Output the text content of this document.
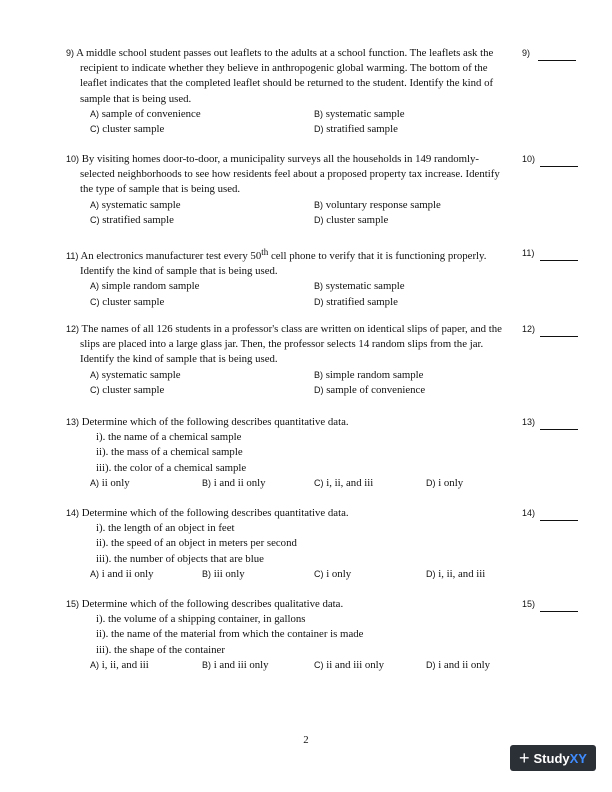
9) A middle school student passes out leaflets to the adults at a school function. The leaflets ask the recipient to indicate whether they believe in anthropogenic global warming. The bottom of the leaflet indicates that the completed leaflet should be returned to the student. Identify the kind of sample that is being used.

A) sample of convenience	B) systematic sample
C) cluster sample	D) stratified sample
9)

10) By visiting homes door-to-door, a municipality surveys all the households in 149 randomly-selected neighborhoods to see how residents feel about a proposed property tax increase. Identify the type of sample that is being used.

A) systematic sample	B) voluntary response sample
C) stratified sample	D) cluster sample
10)

11) An electronics manufacturer test every 50th cell phone to verify that it is functioning properly. Identify the kind of sample that is being used.

A) simple random sample	B) systematic sample
C) cluster sample	D) stratified sample
11)

12) The names of all 126 students in a professor's class are written on identical slips of paper, and the slips are placed into a large glass jar. Then, the professor selects 14 random slips from the jar. Identify the kind of sample that is being used.

A) systematic sample	B) simple random sample
C) cluster sample	D) sample of convenience
12)

13) Determine which of the following describes quantitative data.

i). the name of a chemical sample
ii). the mass of a chemical sample
iii). the color of a chemical sample
A) ii only	B) i and ii only	C) i, ii, and iii	D) i only
13)

14) Determine which of the following describes quantitative data.

i). the length of an object in feet
ii). the speed of an object in meters per second
iii). the number of objects that are blue
A) i and ii only	B) iii only	C) i only	D) i, ii, and iii
14)

15) Determine which of the following describes qualitative data.

i). the volume of a shipping container, in gallons
ii). the name of the material from which the container is made
iii). the shape of the container
A) i, ii, and iii	B) i and iii only	C) ii and iii only	D) i and ii only
15)
2
+ StudyXY
